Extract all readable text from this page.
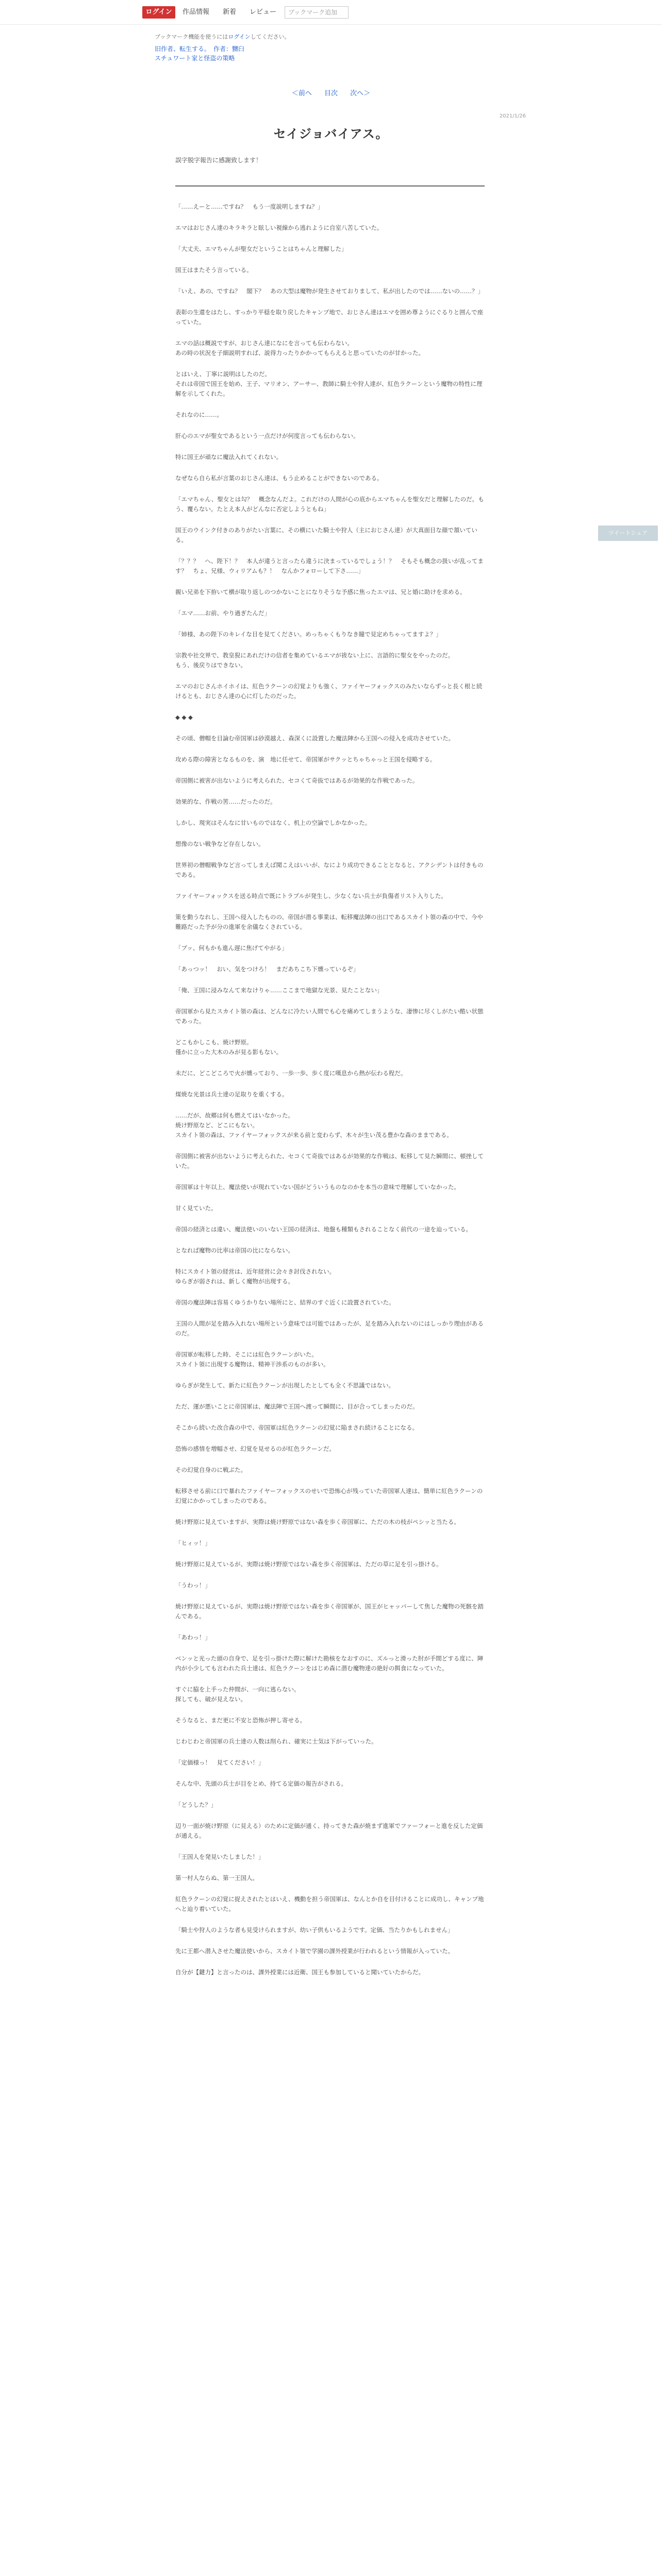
ログイン	作品情報 新着 レビュー	ブックマーク追加
ブックマーク機能を使うにはログインしてください。
旧作者、転生する。　作者：嬲臼
スチュワート家と怪盗の策略
＜前へ 目次 次へ＞
2021/1/26
セイジョバイアス。
誤字脱字報告に感謝致します！

「……えーと……ですね？　もう一度説明しますね？」

エマはおじさん達のキラキラと眩しい視線から逃れように自室八苦していた。

「大丈夫、エマちゃんが聖女だということはちゃんと理解した」

国王はまたそう言っている。

「いえ、あの、ですね？　閣下？　あの大型は魔物が発生させておりまして、私が出したのでは……ないの……？」

表彰の生還をはたし、すっかり平穏を取り戻したキャンプ地で、おじさん達はエマを囲め尊ようにぐるりと囲んで座っていた。

エマの話は概説ですが、おじさん達になにを言っても伝わらない。
あの時の状況を子細説明すれば、説得力ったりかかってもらえると思っていたのが甘かった。

とはいえ、丁寧に説明はしたのだ。
それは帝国で国王を始め、王子、マリオン、アーサー、教師に騎士や狩人達が、紅色ラクーンという魔物の特性に理解を示してくれた。

それなのに……。

肝心のエマが聖女であるという一点だけが何度言っても伝わらない。

特に国王が頑なに魔法入れてくれない。

なぜなら自ら私が言葉のおじさん達は、もう止めることができないのである。

「エマちゃん、聖女とは勾？　概念なんだよ。これだけの人間が心の底からエマちゃんを聖女だと理解したのだ。もう、覆らない。たとえ本人がどんなに否定しようともね」

国王のウインク付きのありがたい言葉に、その横にいた騎士や狩人（主におじさん達）が大真面目な顔で頷いている。

「？？？　へ、陛下！？　本人が違うと言ったら違うに決まっているでしょう！？　そもそも概念の扱いが乱ってます？　ちょ、兄様、ウィリアムも？！　なんかフォローして下さ……」

親い兄弟を下拵いて横が取り返しのつかないことになりそうな予感に焦ったエマは、兄と婚に助けを求める。

「エマ……お前、やり過ぎたんだ」

「姉様、あの陛下のキレイな目を見てください。めっちゃくもりなき瞳で見定めちゃってますよ？」

宗教や社交界で、教皇猊にあれだけの信者を集めているエマが祓ない上に、言語的に聖女をやったのだ。
もう、後戻りはできない。

エマのおじさんホイホイは、紅色ラクーンの幻覚よりも強く、ファイヤーフォックスのみたいならずっと長く根と続けるとも、おじさん達の心に灯したのだった。

◆ ◆ ◆

その頃、僧帽を目論む帝国軍は砂漠越え、森深くに設置した魔法陣から王国への侵入を成功させていた。

攻める際の障害となるものを、演　地に任せて、帝国軍がサクッとちゃちゃっと王国を侵略する。

帝国側に被害が出ないように考えられた、セコくて奇抜ではあるが効果的な作戦であった。

効果的な、作戦の筈……だったのだ。

しかし、現実はそんなに甘いものではなく、机上の空論でしかなかった。

想像のない戦争など存在しない。

世界初の僧帽戦争など言ってしまえば聞こえはいいが、なにより成功できることとなると、アクシデントは付きものである。

ファイヤーフォックスを送る時点で既にトラブルが発生し、少なくない兵士が負傷者リスト入りした。

策を動うなれし、王国へ侵入したものの、帝国が潜る事業は、転移魔法陣の出口であるスカイト領の森の中で、今や難路だった予が分の進軍を余儀なくされている。

「ブッ、何もかも進ん遅に焦げてやがる」

「あっつッ！　おい、気をつけろ！　まだあちこち下燻っているぞ」

「俺、王国に浸みなんて来なけりゃ……ここまで地獄な光景、見たことない」

帝国軍から見たスカイト領の森は、どんなに冷たい人間でも心を痛めてしまうような、凄惨に尽くしがたい酷い状態であった。

どこもかしこも、焼け野原。
僅かに立った大木のみが見る影もない。

未だに、どこどころで火が燻っており、一歩一歩、歩く度に嘆息から熱が伝わる程だ。

煤焼な光景は兵士達の足取りを重くする。

……だが、故郷は何も燃えてはいなかった。
焼け野原など、どこにもない。
スカイト領の森は、ファイヤーフォックスが来る前と変わらず、木々が生い茂る豊かな森のままである。

帝国側に被害が出ないように考えられた、セコくて奇抜ではあるが効果的な作戦は、転移して見た瞬間に、頓挫していた。

帝国軍は十年以上、魔法使いが現れていない国がどういうものなのかを本当の意味で理解していなかった。

甘く見ていた。

帝国の経済とは違い、魔法使いのいない王国の経済は、地盤も種類もされることなく前代の一途を辿っている。

となれば魔物の比率は帝国の比にならない。

特にスカイト領の経営は、近年経営に会々き討伐されない。
ゆらぎが弱されは、新しく魔物が出現する。

帝国の魔法陣は容易くゆうかりない場所にと、結界のすぐ近くに設置されていた。

王国の人間が足を踏み入れない場所という意味では可能ではあったが、足を踏み入れないのにはしっかり理由があるのだ。

帝国軍が転移した時、そこには紅色ラクーンがいた。
スカイト領に出現する魔物は、精神干渉系のものが多い。

ゆらぎが発生して、新たに紅色ラクーンが出現したとしても全く不思議ではない。

ただ、運が悪いことに帝国軍は、魔法陣で王国へ渡って瞬間に、目が合ってしまったのだ。

そこから続いた改合森の中で、帝国軍は紅色ラクーンの幻覚に陥まされ続けることになる。

恐怖の感情を増幅させ、幻覚を見せるのが紅色ラクーンだ。

その幻覚自身のに戦ぶた。

転移させる前に口で暴れたファイヤーフォックスのせいで恐怖心が残っていた帝国軍人達は、簡単に紅色ラクーンの幻覚にかかってしまったのである。

焼け野原に見えていますが、実際は焼け野原ではない森を歩く帝国軍に、ただの木の枝がペシッと当たる。

「ヒィッ！」

焼け野原に見えているが、実際は焼け野原ではない森を歩く帝国軍は、ただの草に足を引っ掛ける。

「うわっ！」

焼け野原に見えているが、実際は焼け野原ではない森を歩く帝国軍が、国王がヒャッパーして焦した魔物の死骸を踏んである。

「あわっ！」

ベンッと光った頭の自身で、足を引っ掛けた際に解けた勘核をなおすのに、ズルっと滑った肘が手間どする度に、陣内が小少しても言われた兵士達は、紅色ラクーンをはじめ森に潜む魔物達の絶好の餌食になっていた。

すぐに脇を上手った仲間が、一向に逃らない。
探しても、破が見えない。

そうなると、まだ更に不安と恐怖が押し寄せる。

じわじわと帝国軍の兵士達の人数は削られ、確実に士気は下がっていった。

「定価様っ！　見てください！」

そんな中、先頭の兵士が目をとめ、持てる定価の報告がされる。

「どうした？」

辺り一面が焼け野原（に見える）のために定価が通く、持ってきた森が焼まず進軍でファーフォーと進を反した定価が通える。

「王国人を発見いたしました！」

第一村人ならぬ、第一王国人。

紅色ラクーンの幻覚に捉えされたとはいえ、機動を担う帝国軍は、なんとか自を目付けることに成功し、キャンプ地へと辿り着いていた。

「騎士や狩人のような者も見受けられますが、幼い子供もいるようです。定価、当たりかもしれません」

先に王都へ潜入させた魔法使いから、スカイト領で学園の課外授業が行われるという情報が入っていた。

自分が【鍵力】と言ったのは、課外授業には近衛、国王も参加していると聞いていたからだ。

ツイートシェア
